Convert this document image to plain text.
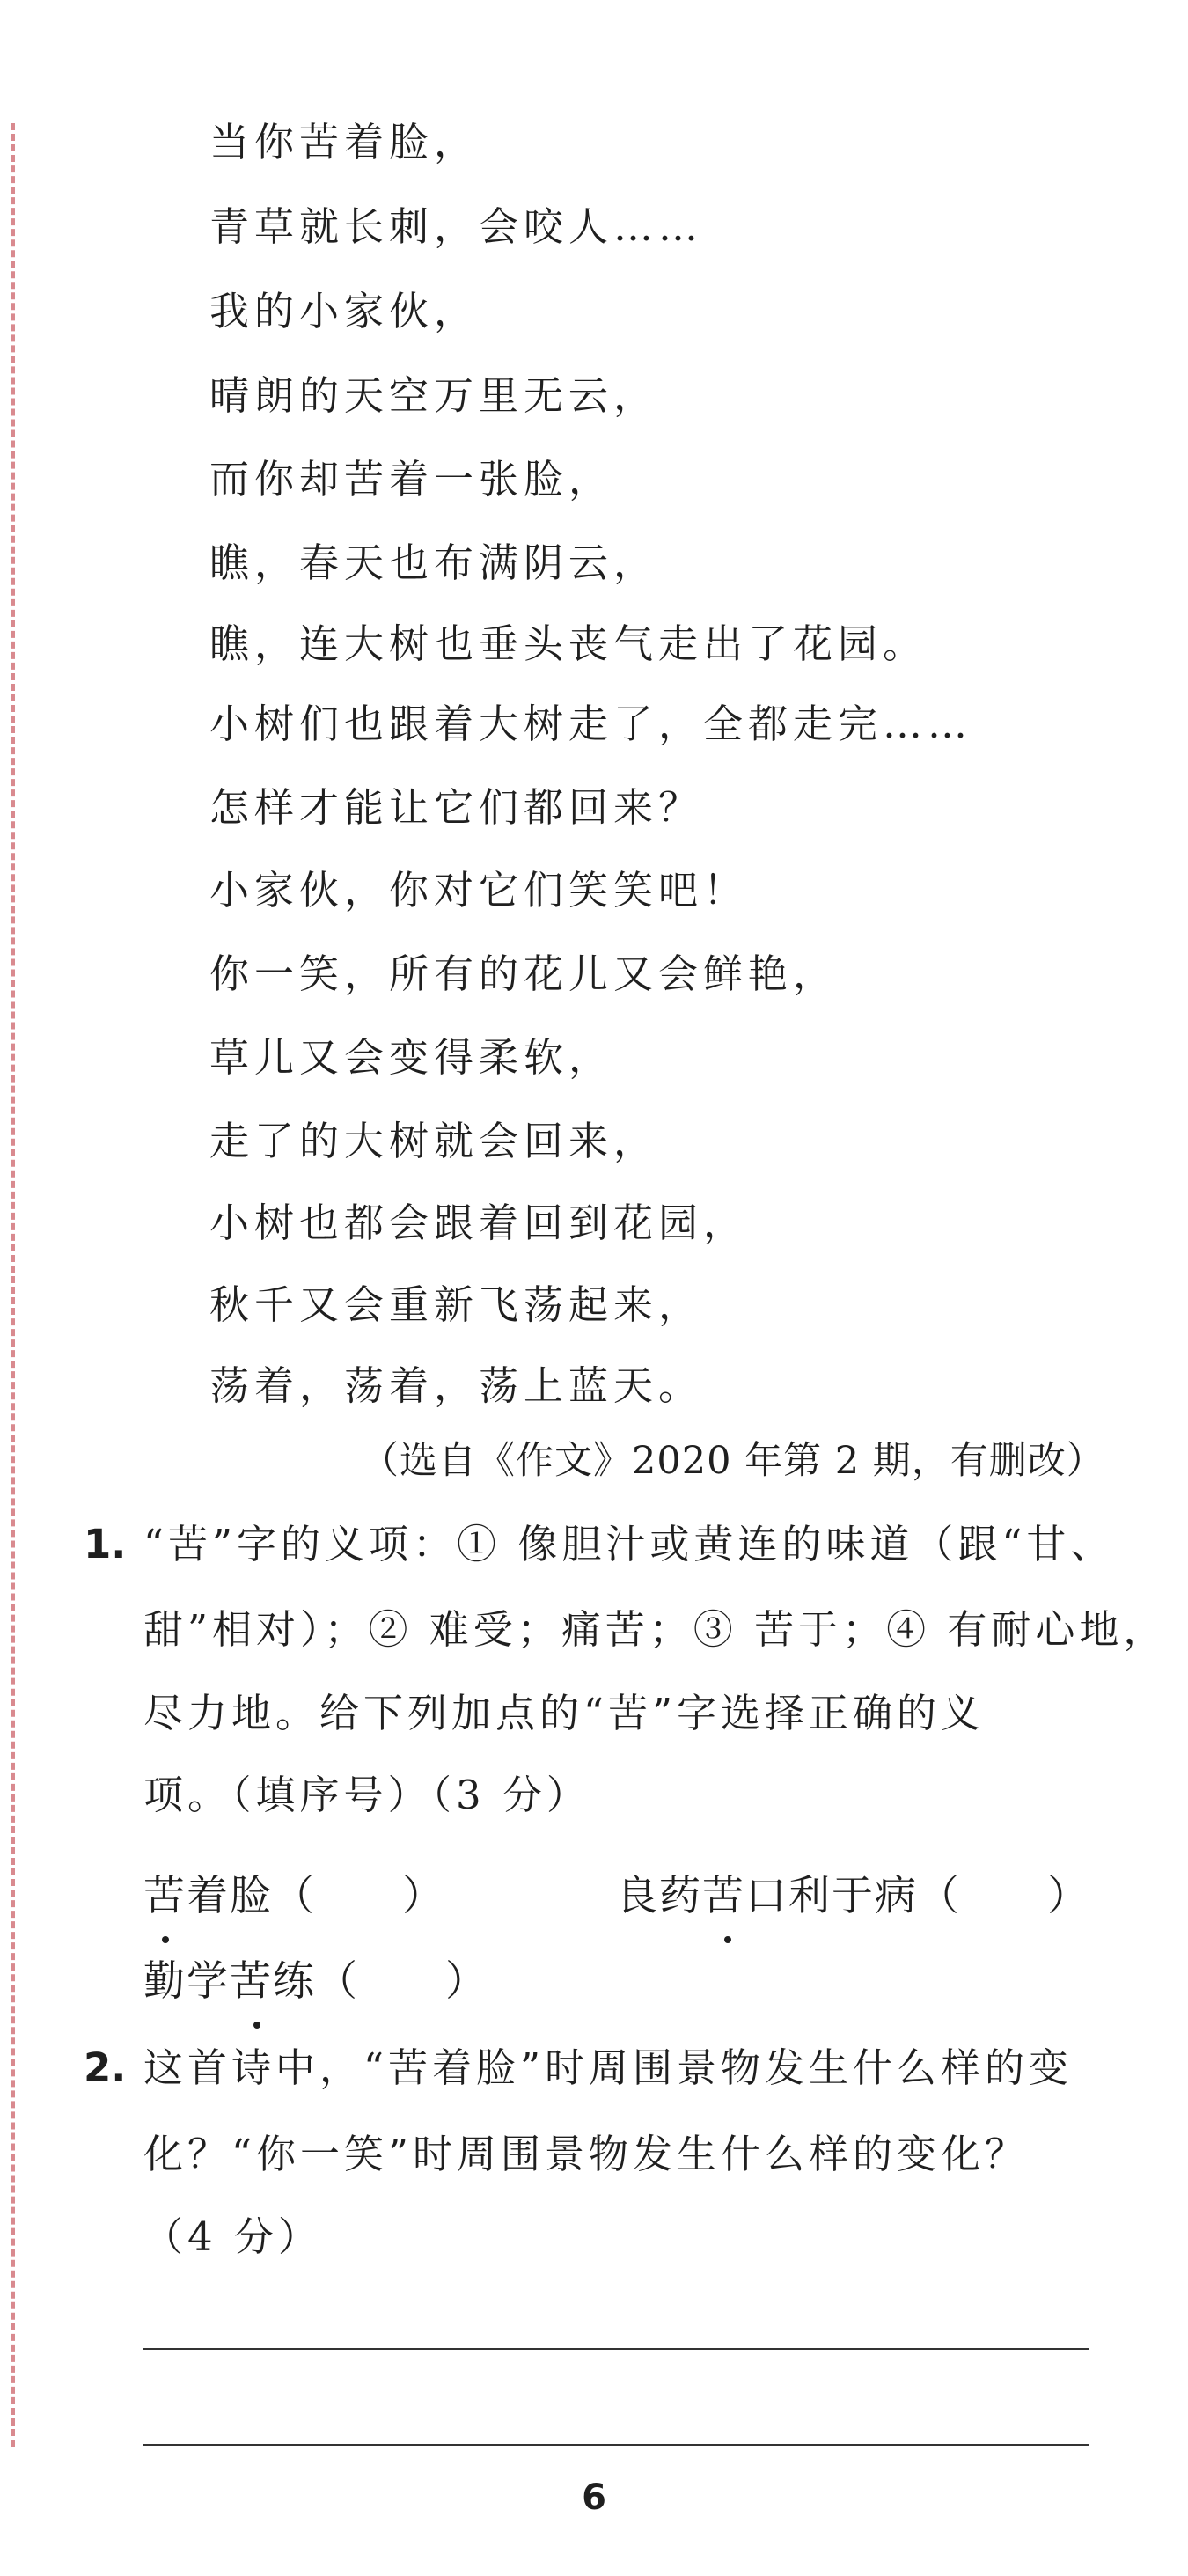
当你苦着脸，
青草就长刺，会咬人……
我的小家伙，
晴朗的天空万里无云，
而你却苦着一张脸，
瞧，春天也布满阴云，
瞧，连大树也垂头丧气走出了花园。
小树们也跟着大树走了，全都走完……
怎样才能让它们都回来？
小家伙，你对它们笑笑吧！
你一笑，所有的花儿又会鲜艳，
草儿又会变得柔软，
走了的大树就会回来，
小树也都会跟着回到花园，
秋千又会重新飞荡起来，
荡着，荡着，荡上蓝天。
（选自《作文》2020 年第 2 期，有删改）
1. “苦”字的义项：① 像胆汁或黄连的味道（跟“甘、
甜”相对）；② 难受；痛苦；③ 苦于；④ 有耐心地，
尽力地。给下列加点的“苦”字选择正确的义
项。（填序号）（3 分）
苦着脸（　　）	良药苦口利于病（　　）
勤学苦练（　　）
2. 这首诗中，“苦着脸”时周围景物发生什么样的变
化？“你一笑”时周围景物发生什么样的变化？
（4 分）
6
